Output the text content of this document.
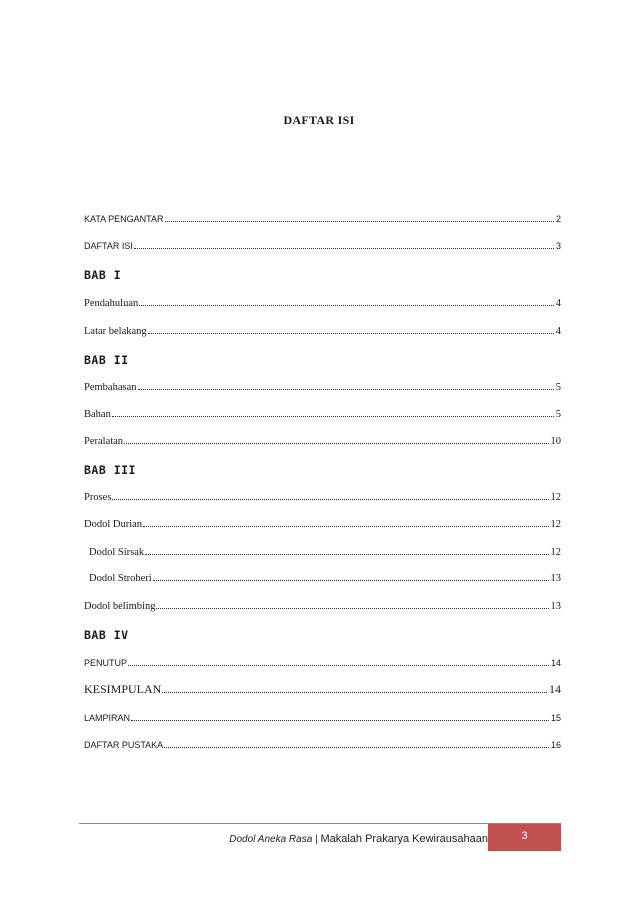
DAFTAR ISI
KATA PENGANTAR	2
DAFTAR ISI	3
BAB I
Pendahuluan	4
Latar belakang	4
BAB II
Pembahasan	5
Bahan	5
Peralatan	10
BAB III
Proses	12
Dodol Durian	12
Dodol Sirsak	12
Dodol Stroberi	13
Dodol belimbing	13
BAB IV
PENUTUP	14
KESIMPULAN	14
LAMPIRAN	15
DAFTAR PUSTAKA	16
Dodol Aneka Rasa | Makalah Prakarya Kewirausahaan	3
